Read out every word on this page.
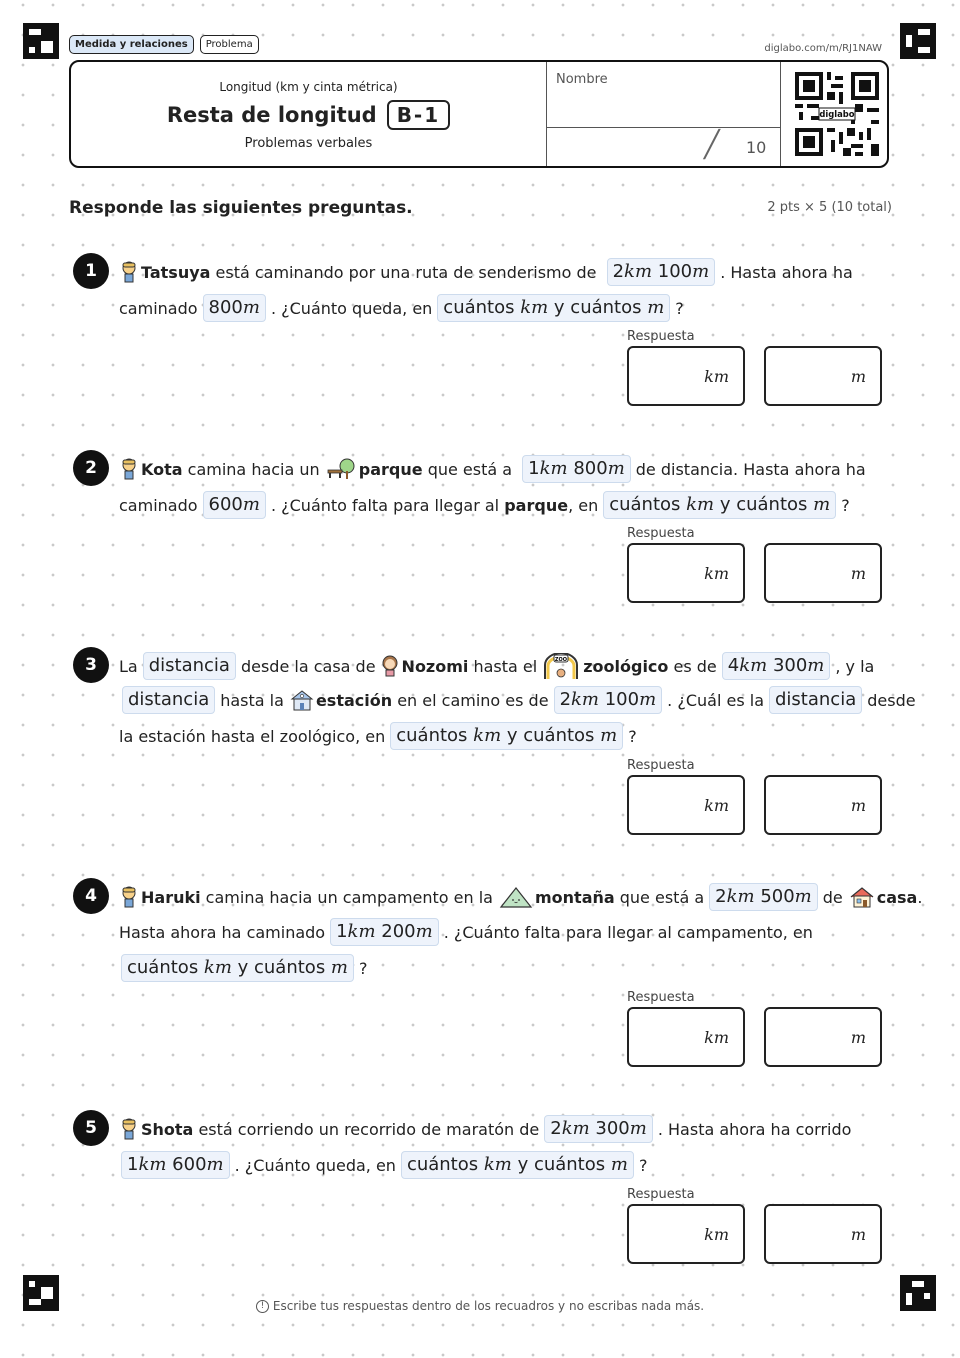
Medida y relaciones	Problema	diglabo.com/m/RJ1NAW
Longitud (km y cinta métrica)
Resta de longitud	B-1
Problemas verbales
Nombre
╱ 10
diglabo
Responde las siguientes preguntas.	2 pts × 5 (10 total)
1	Tatsuya está caminando por una ruta de senderismo de 2km 100m . Hasta ahora ha
caminado 800m . ¿Cuánto queda, en cuántos km y cuántos m ?
Respuesta
km	m
2	Kota camina hacia un parque que está a 1km 800m de distancia. Hasta ahora ha
caminado 600m . ¿Cuánto falta para llegar al parque , en cuántos km y cuántos m ?
Respuesta
km	m
3	La distancia desde la casa de Nozomi hasta el	ZOO zoológico es de 4km 300m , y la
distancia hasta la estación en el camino es de 2km 100m . ¿Cuál es la distancia desde
la estación hasta el zoológico, en cuántos km y cuántos m ?
Respuesta
km	m
4	Haruki camina hacia un campamento en la	montaña que está a 2km 500m de casa .
Hasta ahora ha caminado 1km 200m . ¿Cuánto falta para llegar al campamento, en
cuántos km y cuántos m ?
Respuesta
km	m
5	Shota está corriendo un recorrido de maratón de 2km 300m . Hasta ahora ha corrido
1km 600m . ¿Cuánto queda, en cuántos km y cuántos m ?
Respuesta
km	m
! Escribe tus respuestas dentro de los recuadros y no escribas nada más.
